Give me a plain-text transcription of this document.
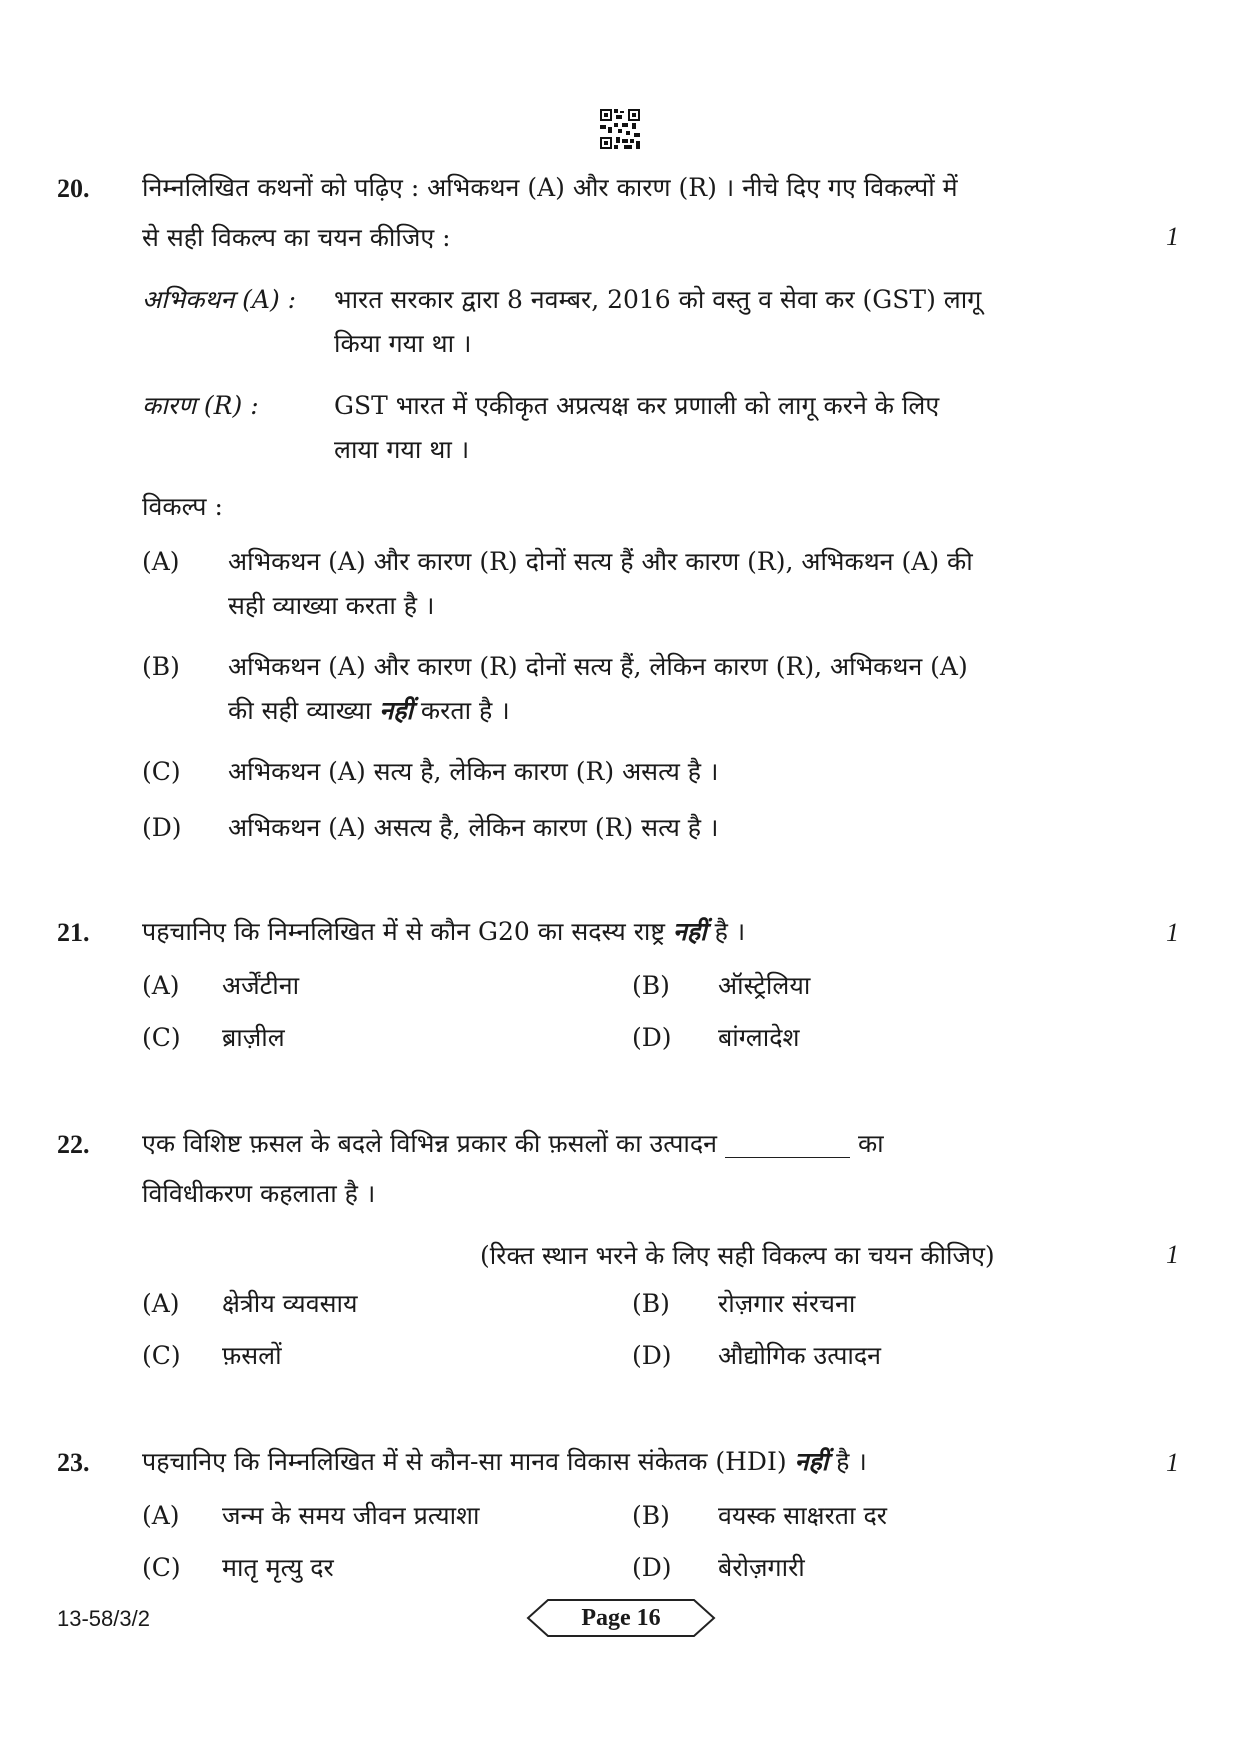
20. निम्नलिखित कथनों को पढ़िए : अभिकथन (A) और कारण (R) । नीचे दिए गए विकल्पों में
से सही विकल्प का चयन कीजिए :	1
अभिकथन (A) : भारत सरकार द्वारा 8 नवम्बर, 2016 को वस्तु व सेवा कर (GST) लागू
किया गया था ।
कारण (R) :	GST भारत में एकीकृत अप्रत्यक्ष कर प्रणाली को लागू करने के लिए
लाया गया था ।
विकल्प :
(A) अभिकथन (A) और कारण (R) दोनों सत्य हैं और कारण (R), अभिकथन (A) की
सही व्याख्या करता है ।
(B) अभिकथन (A) और कारण (R) दोनों सत्य हैं, लेकिन कारण (R), अभिकथन (A)
की सही व्याख्या नहीं करता है ।
(C) अभिकथन (A) सत्य है, लेकिन कारण (R) असत्य है ।
(D) अभिकथन (A) असत्य है, लेकिन कारण (R) सत्य है ।
21. पहचानिए कि निम्नलिखित में से कौन G20 का सदस्य राष्ट्र नहीं है ।	1
(A) अर्जेंटीना	(B) ऑस्ट्रेलिया
(C) ब्राज़ील	(D) बांग्लादेश
22. एक विशिष्ट फ़सल के बदले विभिन्न प्रकार की फ़सलों का उत्पादन __________ का
विविधीकरण कहलाता है ।
(रिक्त स्थान भरने के लिए सही विकल्प का चयन कीजिए)	1
(A) क्षेत्रीय व्यवसाय	(B) रोज़गार संरचना
(C) फ़सलों	(D) औद्योगिक उत्पादन
23. पहचानिए कि निम्नलिखित में से कौन-सा मानव विकास संकेतक (HDI) नहीं है ।	1
(A) जन्म के समय जीवन प्रत्याशा	(B) वयस्क साक्षरता दर
(C) मातृ मृत्यु दर	(D) बेरोज़गारी
13-58/3/2	Page 16
